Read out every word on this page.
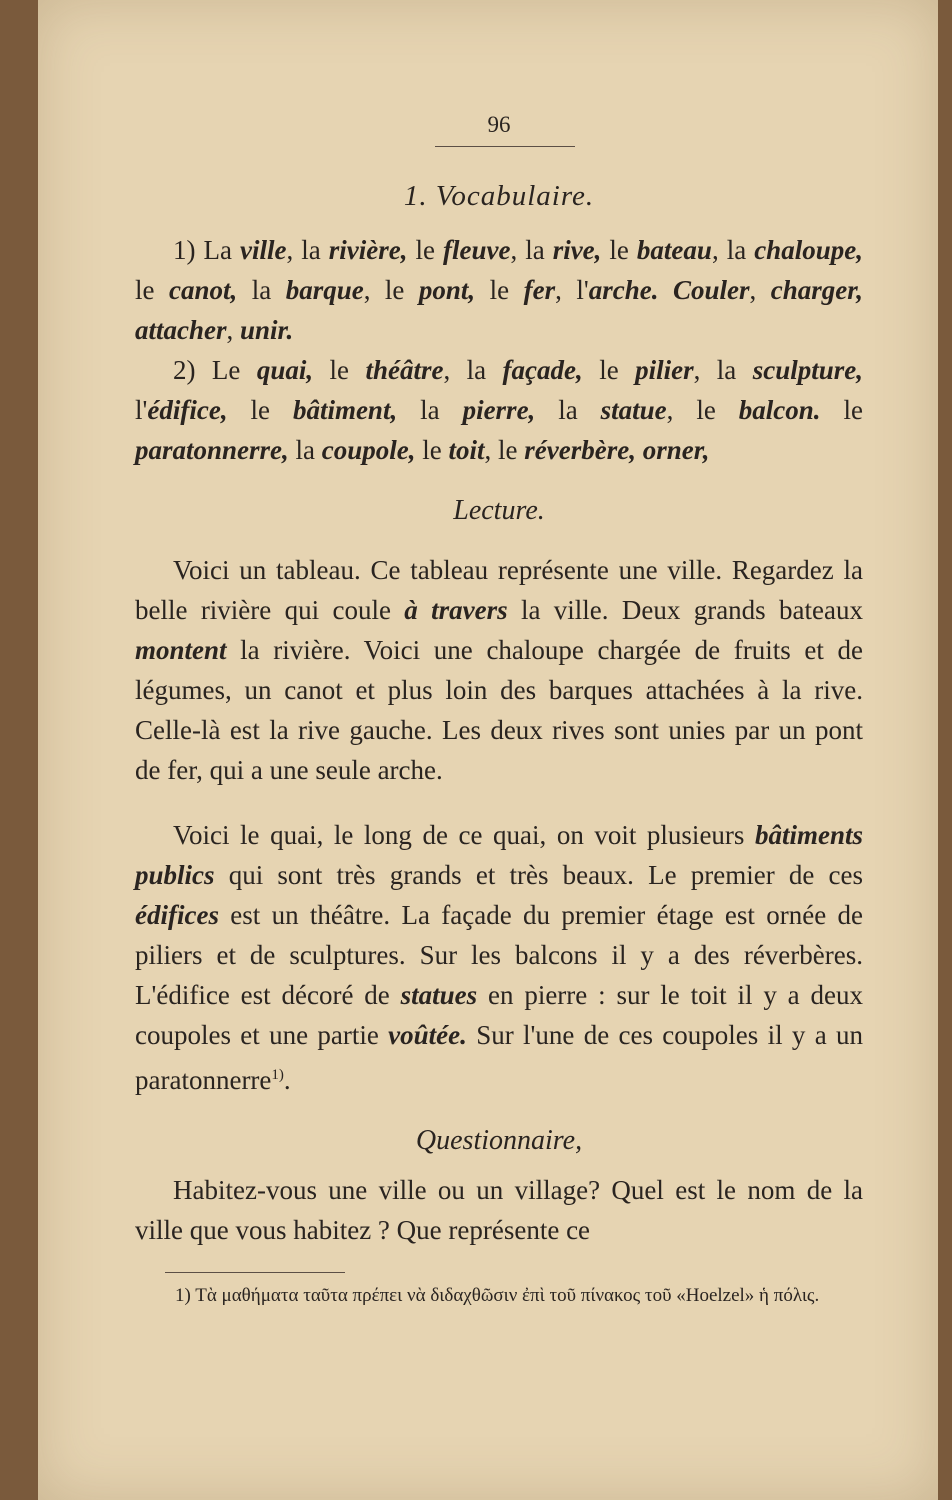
96
1. Vocabulaire.
1) La ville, la rivière, le fleuve, la rive, le bateau, la chaloupe, le canot, la barque, le pont, le fer, l'arche. Couler, charger, attacher, unir.
2) Le quai, le théâtre, la façade, le pilier, la sculpture, l'édifice, le bâtiment, la pierre, la statue, le balcon. le paratonnerre, la coupole, le toit, le réverbère, orner,
Lecture.
Voici un tableau. Ce tableau représente une ville. Regardez la belle rivière qui coule à travers la ville. Deux grands bateaux montent la rivière. Voici une chaloupe chargée de fruits et de légumes, un canot et plus loin des barques attachées à la rive. Celle-là est la rive gauche. Les deux rives sont unies par un pont de fer, qui a une seule arche.
Voici le quai, le long de ce quai, on voit plusieurs bâtiments publics qui sont très grands et très beaux. Le premier de ces édifices est un théâtre. La façade du premier étage est ornée de piliers et de sculptures. Sur les balcons il y a des réverbères. L'édifice est décoré de statues en pierre : sur le toit il y a deux coupoles et une partie voûtée. Sur l'une de ces coupoles il y a un paratonnerre$^{1)}$.
Questionnaire,
Habitez-vous une ville ou un village? Quel est le nom de la ville que vous habitez ? Que représente ce
1) Τὰ μαθήματα ταῦτα πρέπει νὰ διδαχθῶσιν ἐπὶ τοῦ πίνακος τοῦ «Hoelzel» ἡ πόλις.
